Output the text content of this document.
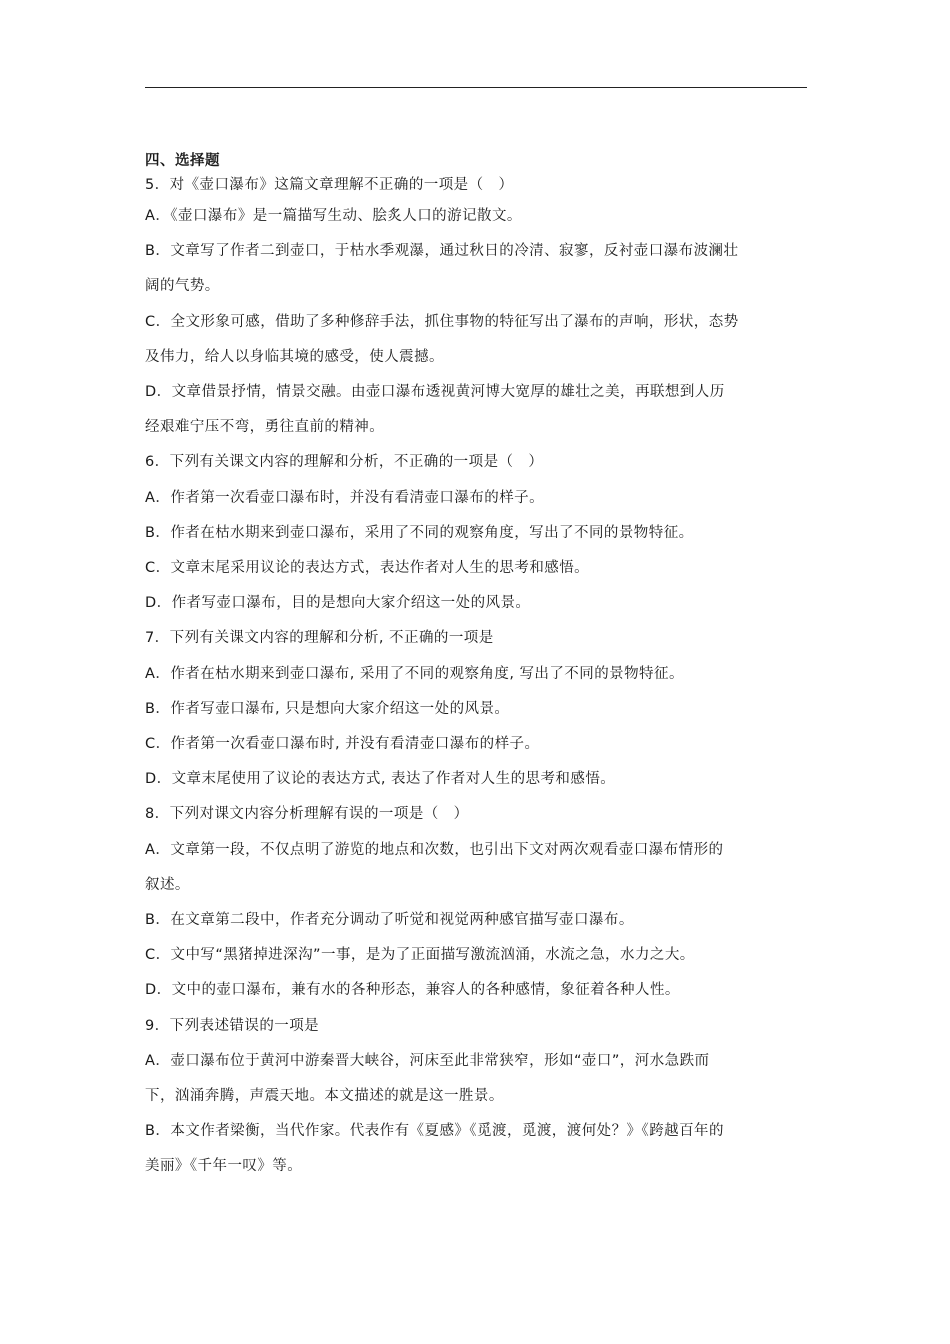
四、选择题
5．对《壶口瀑布》这篇文章理解不正确的一项是（　）
A．《壶口瀑布》是一篇描写生动、脍炙人口的游记散文。
B．文章写了作者二到壶口，于枯水季观瀑，通过秋日的冷清、寂寥，反衬壶口瀑布波澜壮
阔的气势。
C．全文形象可感，借助了多种修辞手法，抓住事物的特征写出了瀑布的声响，形状，态势
及伟力，给人以身临其境的感受，使人震撼。
D．文章借景抒情，情景交融。由壶口瀑布透视黄河博大宽厚的雄壮之美，再联想到人历
经艰难宁压不弯，勇往直前的精神。
6．下列有关课文内容的理解和分析，不正确的一项是（　）
A．作者第一次看壶口瀑布时，并没有看清壶口瀑布的样子。
B．作者在枯水期来到壶口瀑布，采用了不同的观察角度，写出了不同的景物特征。
C．文章末尾采用议论的表达方式，表达作者对人生的思考和感悟。
D．作者写壶口瀑布，目的是想向大家介绍这一处的风景。
7．下列有关课文内容的理解和分析, 不正确的一项是
A．作者在枯水期来到壶口瀑布, 采用了不同的观察角度, 写出了不同的景物特征。
B．作者写壶口瀑布, 只是想向大家介绍这一处的风景。
C．作者第一次看壶口瀑布时, 并没有看清壶口瀑布的样子。
D．文章末尾使用了议论的表达方式, 表达了作者对人生的思考和感悟。
8．下列对课文内容分析理解有误的一项是（　）
A．文章第一段，不仅点明了游览的地点和次数，也引出下文对两次观看壶口瀑布情形的
叙述。
B．在文章第二段中，作者充分调动了听觉和视觉两种感官描写壶口瀑布。
C．文中写“黑猪掉进深沟”一事，是为了正面描写激流汹涌，水流之急，水力之大。
D．文中的壶口瀑布，兼有水的各种形态，兼容人的各种感情，象征着各种人性。
9．下列表述错误的一项是
A．壶口瀑布位于黄河中游秦晋大峡谷，河床至此非常狭窄，形如“壶口”，河水急跌而
下，汹涌奔腾，声震天地。本文描述的就是这一胜景。
B．本文作者梁衡，当代作家。代表作有《夏感》《觅渡，觅渡，渡何处？》《跨越百年的
美丽》《千年一叹》等。
